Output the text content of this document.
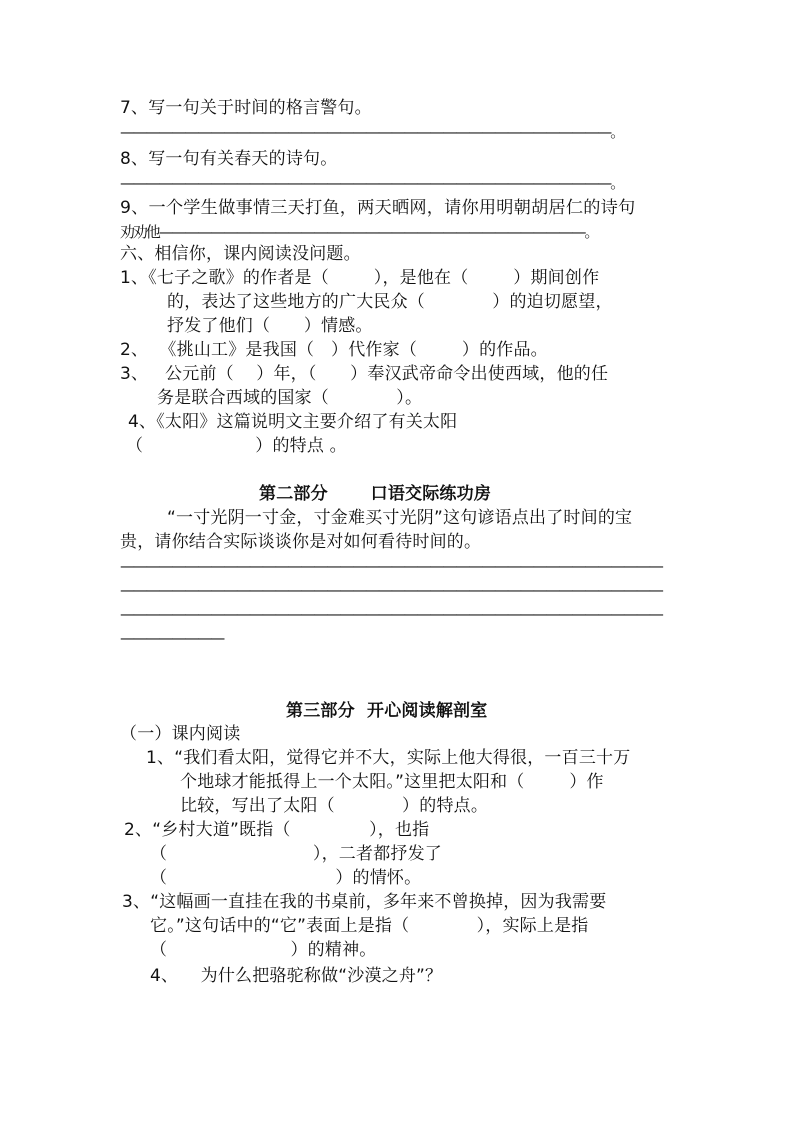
7、写一句关于时间的格言警句。
——————————————————————————————————————。
8、写一句有关春天的诗句。
——————————————————————————————————————。
9、一个学生做事情三天打鱼，两天晒网，请你用明朝胡居仁的诗句
劝劝他—————————————————————————————————。
六、相信你，课内阅读没问题。
1、《七子之歌》的作者是（        ），是他在（        ）期间创作
的，表达了这些地方的广大民众（            ）的迫切愿望，
抒发了他们（      ）情感。
2、  《挑山工》是我国（   ）代作家（        ）的作品。
3、   公元前（    ）年，（      ）奉汉武帝命令出使西域，他的任
务是联合西域的国家（            ）。
4、《太阳》这篇说明文主要介绍了有关太阳
（                    ）的特点 。
第二部分       口语交际练功房
“一寸光阴一寸金，寸金难买寸光阴”这句谚语点出了时间的宝
贵，请你结合实际谈谈你是对如何看待时间的。
——————————————————————————————————————————
——————————————————————————————————————————
——————————————————————————————————————————
————————
第三部分  开心阅读解剖室
（一）课内阅读
1、“我们看太阳，觉得它并不大，实际上他大得很，一百三十万
个地球才能抵得上一个太阳。”这里把太阳和（        ）作
比较，写出了太阳（            ）的特点。
2、“乡村大道”既指（              ），也指
（                          ），二者都抒发了
（                              ）的情怀。
3、“这幅画一直挂在我的书桌前，多年来不曾换掉，因为我需要
它。”这句话中的“它”表面上是指（            ），实际上是指
（                      ）的精神。
4、    为什么把骆驼称做“沙漠之舟”？
